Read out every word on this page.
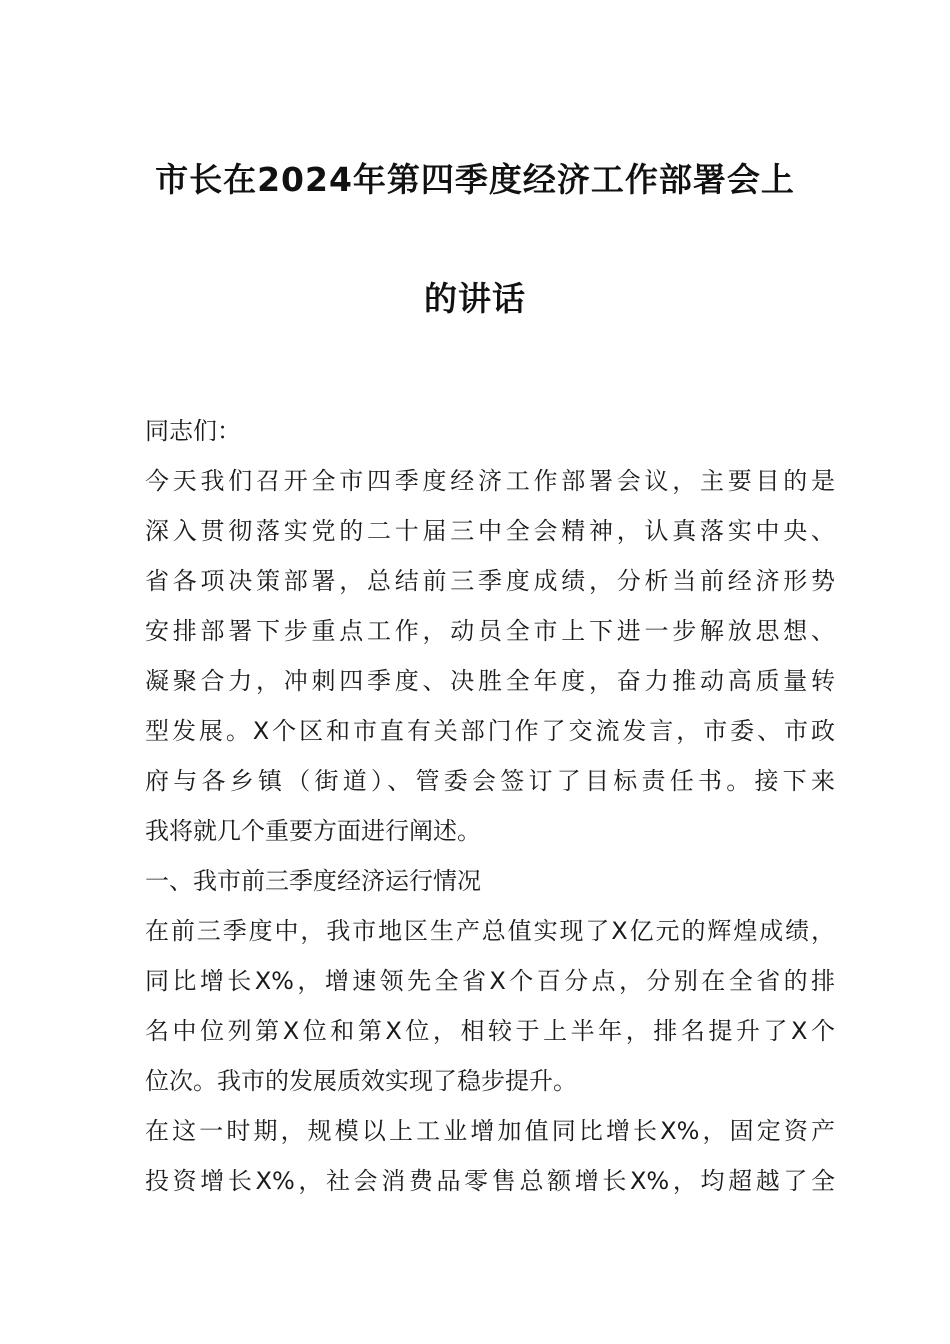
市长在2024年第四季度经济工作部署会上
的讲话
同志们：
今天我们召开全市四季度经济工作部署会议，主要目的是
深入贯彻落实党的二十届三中全会精神，认真落实中央、
省各项决策部署，总结前三季度成绩，分析当前经济形势
安排部署下步重点工作，动员全市上下进一步解放思想、
凝聚合力，冲刺四季度、决胜全年度，奋力推动高质量转
型发展。X个区和市直有关部门作了交流发言，市委、市政
府与各乡镇（街道）、管委会签订了目标责任书。接下来
我将就几个重要方面进行阐述。
一、我市前三季度经济运行情况
在前三季度中，我市地区生产总值实现了X亿元的辉煌成绩，
同比增长X%，增速领先全省X个百分点，分别在全省的排
名中位列第X位和第X位，相较于上半年，排名提升了X个
位次。我市的发展质效实现了稳步提升。
在这一时期，规模以上工业增加值同比增长X%，固定资产
投资增长X%，社会消费品零售总额增长X%，均超越了全
